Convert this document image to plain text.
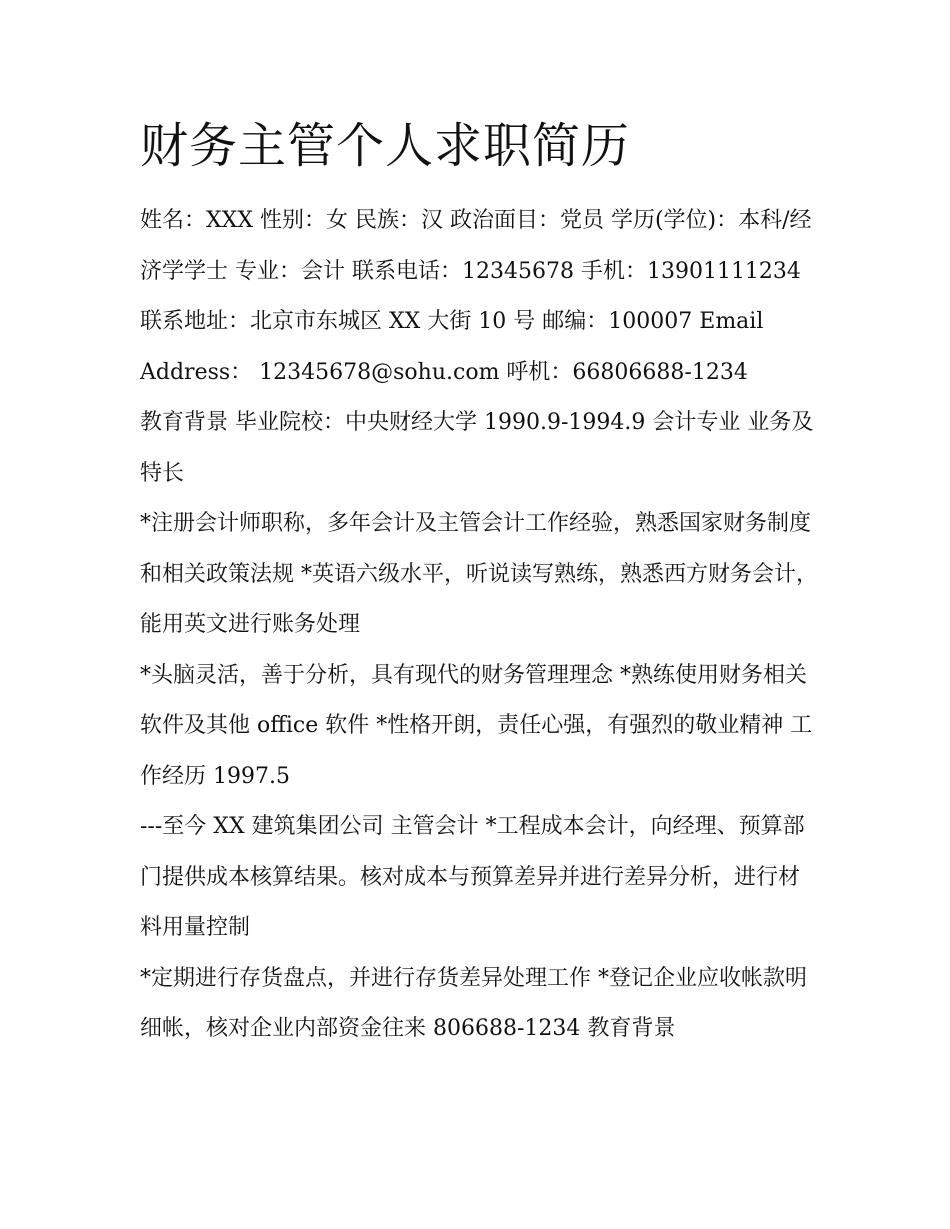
财务主管个人求职简历

姓名：XXX 性别：女 民族：汉 政治面目：党员 学历(学位)：本科/经济学学士 专业：会计 联系电话：12345678 手机：13901111234

联系地址：北京市东城区 XX 大街 10 号 邮编：100007 Email Address： 12345678@sohu.com 呼机：66806688-1234

教育背景 毕业院校：中央财经大学 1990.9-1994.9 会计专业 业务及特长

*注册会计师职称，多年会计及主管会计工作经验，熟悉国家财务制度和相关政策法规 *英语六级水平，听说读写熟练，熟悉西方财务会计，能用英文进行账务处理

*头脑灵活，善于分析，具有现代的财务管理理念 *熟练使用财务相关软件及其他 office 软件 *性格开朗，责任心强，有强烈的敬业精神 工作经历 1997.5

---至今 XX 建筑集团公司 主管会计 *工程成本会计，向经理、预算部门提供成本核算结果。核对成本与预算差异并进行差异分析，进行材料用量控制

*定期进行存货盘点，并进行存货差异处理工作 *登记企业应收帐款明细帐，核对企业内部资金往来 806688-1234 教育背景
